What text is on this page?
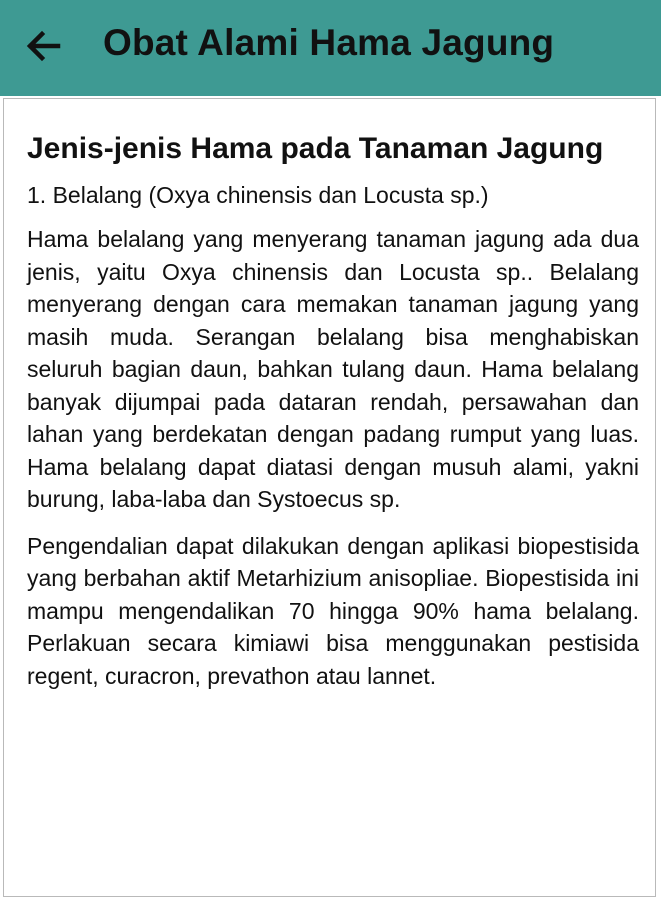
Obat Alami Hama Jagung
Jenis-jenis Hama pada Tanaman Jagung
1. Belalang (Oxya chinensis dan Locusta sp.)

Hama belalang yang menyerang tanaman jagung ada dua jenis, yaitu Oxya chinensis dan Locusta sp.. Belalang menyerang dengan cara memakan tanaman jagung yang masih muda. Serangan belalang bisa menghabiskan seluruh bagian daun, bahkan tulang daun. Hama belalang banyak dijumpai pada dataran rendah, persawahan dan lahan yang berdekatan dengan padang rumput yang luas. Hama belalang dapat diatasi dengan musuh alami, yakni burung, laba-laba dan Systoecus sp.

Pengendalian dapat dilakukan dengan aplikasi biopestisida yang berbahan aktif Metarhizium anisopliae. Biopestisida ini mampu mengendalikan 70 hingga 90% hama belalang. Perlakuan secara kimiawi bisa menggunakan pestisida regent, curacron, prevathon atau lannet.
